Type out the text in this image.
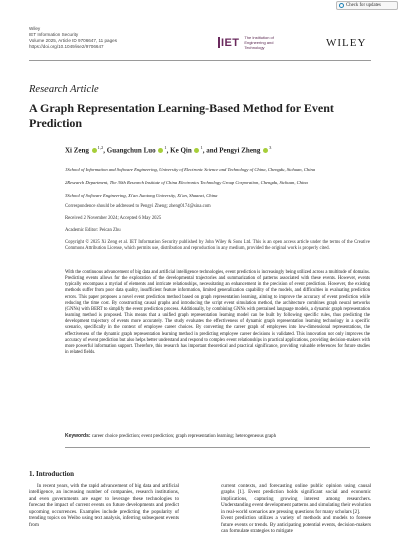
Check for updates
Wiley
IET Information Security
Volume 2025, Article ID 9706647, 11 pages
https://doi.org/10.1049/ise2/9706647	IET The Institution of Engineering and Technology	WILEY
Research Article
A Graph Representation Learning-Based Method for Event Prediction
Xi Zeng $^{1,2}$, Guangchun Luo $^1$, Ke Qin $^1$, and Pengyi Zheng $^3$
1School of Information and Software Engineering, University of Electronic Science and Technology of China, Chengdu, Sichuan, China
2Research Department, The 30th Research Institute of China Electronics Technology Group Corporation, Chengdu, Sichuan, China
3School of Software Engineering, Xi'an Jiaotong University, Xi'an, Shaanxi, China
Correspondence should be addressed to Pengyi Zheng; zheng0174@sina.com
Received 2 November 2024; Accepted 6 May 2025
Academic Editor: Peican Zhu
Copyright © 2025 Xi Zeng et al. IET Information Security published by John Wiley & Sons Ltd. This is an open access article under the terms of the Creative Commons Attribution License, which permits use, distribution and reproduction in any medium, provided the original work is properly cited.
With the continuous advancement of big data and artificial intelligence technologies, event prediction is increasingly being utilized across a multitude of domains. Predicting events allows for the exploration of the developmental trajectories and summarization of patterns associated with these events. However, events typically encompass a myriad of elements and intricate relationships, necessitating an enhancement in the precision of event prediction. However, the existing methods suffer from poor data quality, insufficient feature information, limited generalization capability of the models, and difficulties in evaluating prediction errors. This paper proposes a novel event prediction method based on graph representation learning, aiming to improve the accuracy of event prediction while reducing the time cost. By constructing causal graphs and introducing the script event simulation method, the architecture combines graph neural networks (GNNs) with BERT to simplify the event prediction process. Additionally, by combining GNNs with pretrained language models, a dynamic graph representation learning method is proposed. This means that a unified graph representation learning model can be built by following specific rules, thus predicting the development trajectory of events more accurately. The study evaluates the effectiveness of dynamic graph representation learning technology in a specific scenario, specifically in the context of employee career choices. By converting the career graph of employees into low-dimensional representations, the effectiveness of the dynamic graph representation learning method in predicting employee career decisions is validated. This innovation not only improves the accuracy of event prediction but also helps better understand and respond to complex event relationships in practical applications, providing decision-makers with more powerful information support. Therefore, this research has important theoretical and practical significance, providing valuable references for future studies in related fields.
Keywords: career choice prediction; event prediction; graph representation learning; heterogeneous graph
1. Introduction
In recent years, with the rapid advancement of big data and artificial intelligence, an increasing number of companies, research institutions, and even governments are eager to leverage these technologies to forecast the impact of current events on future developments and predict upcoming occurrences. Examples include predicting the popularity of trending topics on Weibo using text analysis, inferring subsequent events from
current contexts, and forecasting online public opinion using causal graphs [1]. Event prediction holds significant social and economic implications, capturing growing interest among researchers. Understanding event development patterns and simulating their evolution in real-world scenarios are pressing questions for many scholars [2].
Event prediction utilizes a variety of methods and models to foresee future events or trends. By anticipating potential events, decision-makers can formulate strategies to mitigate
